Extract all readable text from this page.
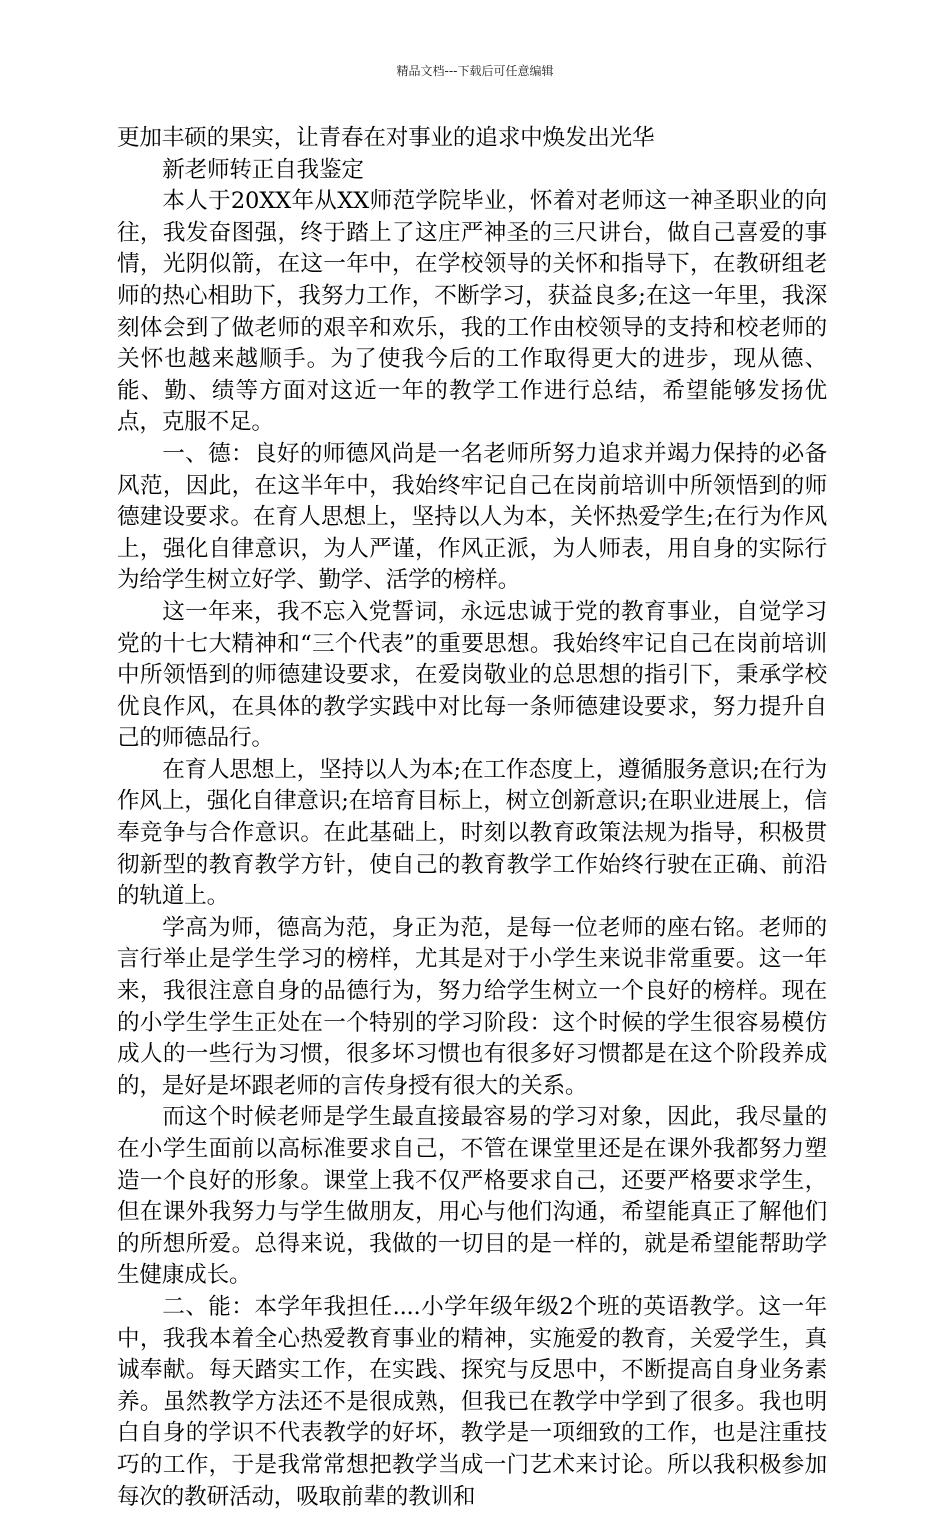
精品文档---下载后可任意编辑

更加丰硕的果实，让青春在对事业的追求中焕发出光华

新老师转正自我鉴定

本人于20XX年从XX师范学院毕业，怀着对老师这一神圣职业的向往，我发奋图强，终于踏上了这庄严神圣的三尺讲台，做自己喜爱的事情，光阴似箭，在这一年中，在学校领导的关怀和指导下，在教研组老师的热心相助下，我努力工作，不断学习，获益良多;在这一年里，我深刻体会到了做老师的艰辛和欢乐，我的工作由校领导的支持和校老师的关怀也越来越顺手。为了使我今后的工作取得更大的进步，现从德、能、勤、绩等方面对这近一年的教学工作进行总结，希望能够发扬优点，克服不足。

一、德：良好的师德风尚是一名老师所努力追求并竭力保持的必备风范，因此，在这半年中，我始终牢记自己在岗前培训中所领悟到的师德建设要求。在育人思想上，坚持以人为本，关怀热爱学生;在行为作风上，强化自律意识，为人严谨，作风正派，为人师表，用自身的实际行为给学生树立好学、勤学、活学的榜样。

这一年来，我不忘入党誓词，永远忠诚于党的教育事业，自觉学习党的十七大精神和“三个代表”的重要思想。我始终牢记自己在岗前培训中所领悟到的师德建设要求，在爱岗敬业的总思想的指引下，秉承学校优良作风，在具体的教学实践中对比每一条师德建设要求，努力提升自己的师德品行。

在育人思想上，坚持以人为本;在工作态度上，遵循服务意识;在行为作风上，强化自律意识;在培育目标上，树立创新意识;在职业进展上，信奉竞争与合作意识。在此基础上，时刻以教育政策法规为指导，积极贯彻新型的教育教学方针，使自己的教育教学工作始终行驶在正确、前沿的轨道上。

学高为师，德高为范，身正为范，是每一位老师的座右铭。老师的言行举止是学生学习的榜样，尤其是对于小学生来说非常重要。这一年来，我很注意自身的品德行为，努力给学生树立一个良好的榜样。现在的小学生学生正处在一个特别的学习阶段：这个时候的学生很容易模仿成人的一些行为习惯，很多坏习惯也有很多好习惯都是在这个阶段养成的，是好是坏跟老师的言传身授有很大的关系。

而这个时候老师是学生最直接最容易的学习对象，因此，我尽量的在小学生面前以高标准要求自己，不管在课堂里还是在课外我都努力塑造一个良好的形象。课堂上我不仅严格要求自己，还要严格要求学生，但在课外我努力与学生做朋友，用心与他们沟通，希望能真正了解他们的所想所爱。总得来说，我做的一切目的是一样的，就是希望能帮助学生健康成长。

二、能：本学年我担任....小学年级年级2个班的英语教学。这一年中，我我本着全心热爱教育事业的精神，实施爱的教育，关爱学生，真诚奉献。每天踏实工作，在实践、探究与反思中，不断提高自身业务素养。虽然教学方法还不是很成熟，但我已在教学中学到了很多。我也明白自身的学识不代表教学的好坏，教学是一项细致的工作，也是注重技巧的工作，于是我常常想把教学当成一门艺术来讨论。所以我积极参加每次的教研活动，吸取前辈的教训和
